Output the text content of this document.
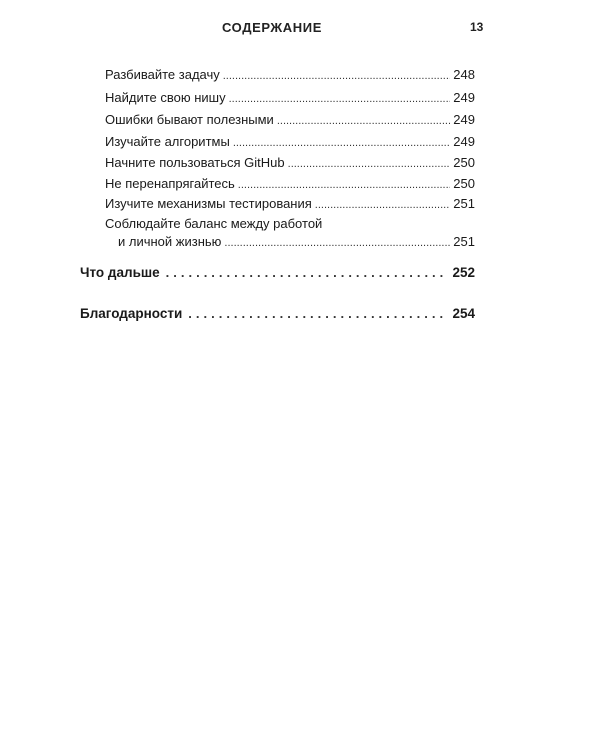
СОДЕРЖАНИЕ	13
Разбивайте задачу .....	248
Найдите свою нишу .....	249
Ошибки бывают полезными .....	249
Изучайте алгоритмы .....	249
Начните пользоваться GitHub .....	250
Не перенапрягайтесь .....	250
Изучите механизмы тестирования .....	251
Соблюдайте баланс между работой
и личной жизнью .....	251
Что дальше .....	252
Благодарности .....	254
